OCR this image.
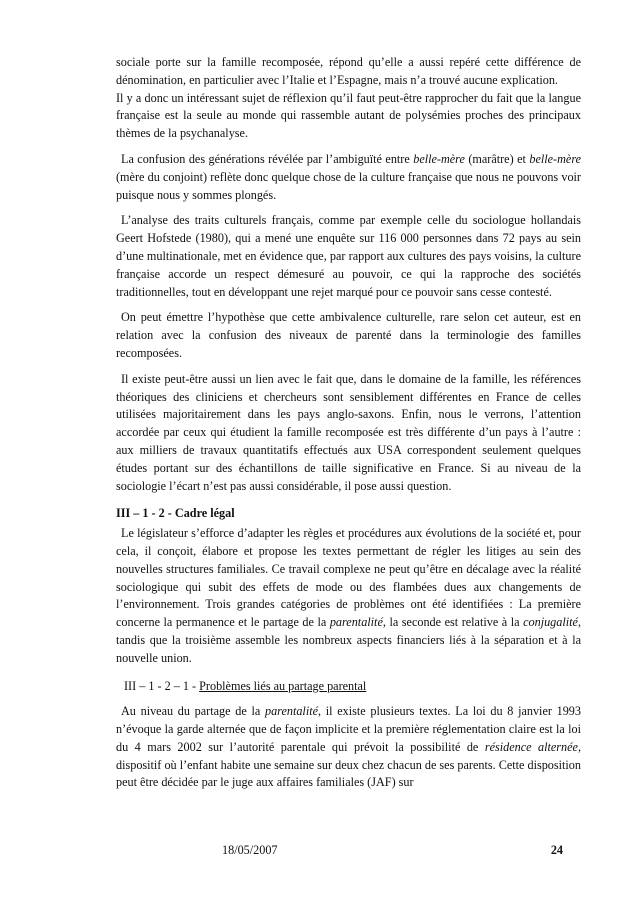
sociale porte sur la famille recomposée, répond qu’elle a aussi repéré cette différence de dénomination, en particulier avec l’Italie et l’Espagne, mais n’a trouvé aucune explication.

Il y a donc un intéressant sujet de réflexion qu’il faut peut-être rapprocher du fait que la langue française est la seule au monde qui rassemble autant de polysémies proches des principaux thèmes de la psychanalyse.

La confusion des générations révélée par l’ambiguïté entre belle-mère (marâtre) et belle-mère (mère du conjoint) reflète donc quelque chose de la culture française que nous ne pouvons voir puisque nous y sommes plongés.

L’analyse des traits culturels français, comme par exemple celle du sociologue hollandais Geert Hofstede (1980), qui a mené une enquête sur 116 000 personnes dans 72 pays au sein d’une multinationale, met en évidence que, par rapport aux cultures des pays voisins, la culture française accorde un respect démesuré au pouvoir, ce qui la rapproche des sociétés traditionnelles, tout en développant une rejet marqué pour ce pouvoir sans cesse contesté.

On peut émettre l’hypothèse que cette ambivalence culturelle, rare selon cet auteur, est en relation avec la confusion des niveaux de parenté dans la terminologie des familles recomposées.

Il existe peut-être aussi un lien avec le fait que, dans le domaine de la famille, les références théoriques des cliniciens et chercheurs sont sensiblement différentes en France de celles utilisées majoritairement dans les pays anglo-saxons. Enfin, nous le verrons, l’attention accordée par ceux qui étudient la famille recomposée est très différente d’un pays à l’autre : aux milliers de travaux quantitatifs effectués aux USA correspondent seulement quelques études portant sur des échantillons de taille significative en France. Si au niveau de la sociologie l’écart n’est pas aussi considérable, il pose aussi question.

III – 1 - 2 - Cadre légal

Le législateur s’efforce d’adapter les règles et procédures aux évolutions de la société et, pour cela, il conçoit, élabore et propose les textes permettant de régler les litiges au sein des nouvelles structures familiales. Ce travail complexe ne peut qu’être en décalage avec la réalité sociologique qui subit des effets de mode ou des flambées dues aux changements de l’environnement. Trois grandes catégories de problèmes ont été identifiées : La première concerne la permanence et le partage de la parentalité, la seconde est relative à la conjugalité, tandis que la troisième assemble les nombreux aspects financiers liés à la séparation et à la nouvelle union.

III – 1 - 2 – 1 - Problèmes liés au partage parental

Au niveau du partage de la parentalité, il existe plusieurs textes. La loi du 8 janvier 1993 n’évoque la garde alternée que de façon implicite et la première réglementation claire est la loi du 4 mars 2002 sur l’autorité parentale qui prévoit la possibilité de résidence alternée, dispositif où l’enfant habite une semaine sur deux chez chacun de ses parents. Cette disposition peut être décidée par le juge aux affaires familiales (JAF) sur

18/05/2007	24
